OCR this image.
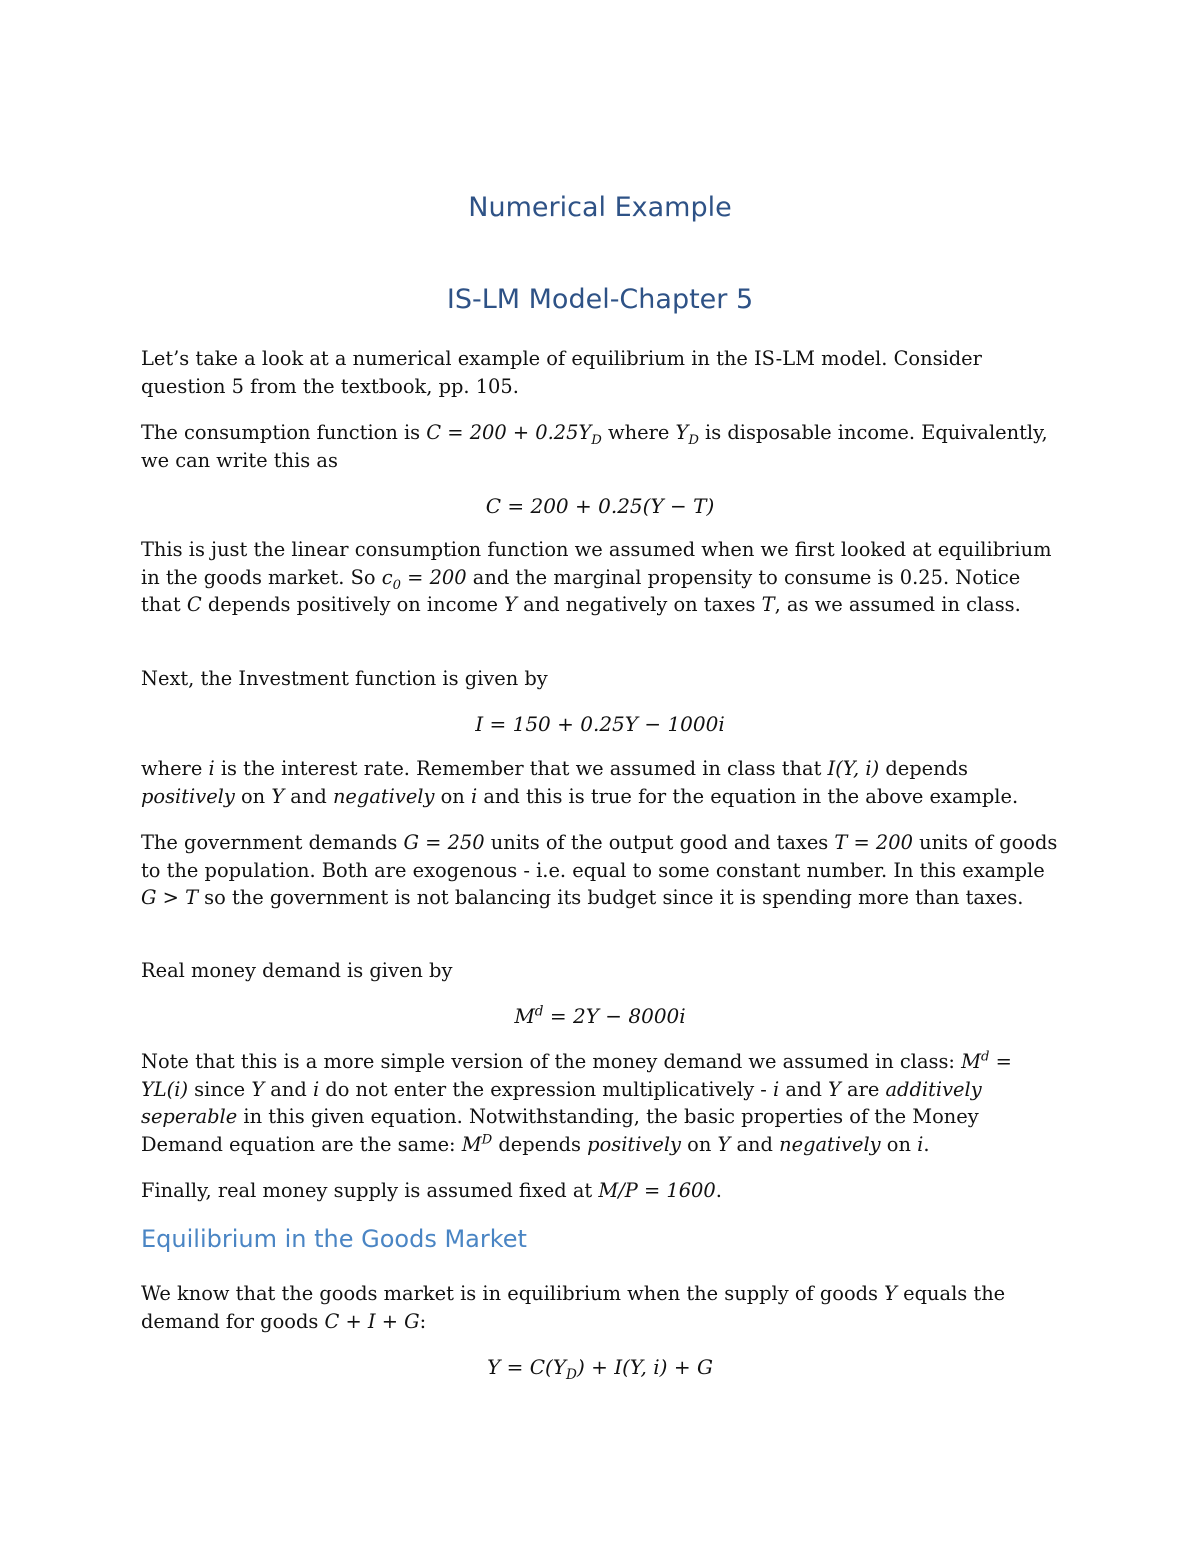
Numerical Example
IS-LM Model-Chapter 5

Let’s take a look at a numerical example of equilibrium in the IS-LM model. Consider question 5 from the textbook, pp. 105.

The consumption function is $C = 200 + 0.25Y_D$ where $Y_D$ is disposable income. Equivalently, we can write this as

C = 200 + 0.25(Y − T)

This is just the linear consumption function we assumed when we first looked at equilibrium in the goods market. So $c_0 = 200$ and the marginal propensity to consume is 0.25. Notice that C depends positively on income Y and negatively on taxes T, as we assumed in class.

Next, the Investment function is given by

I = 150 + 0.25Y − 1000i

where i is the interest rate. Remember that we assumed in class that I(Y, i) depends positively on Y and negatively on i and this is true for the equation in the above example.

The government demands G = 250 units of the output good and taxes T = 200 units of goods to the population. Both are exogenous - i.e. equal to some constant number. In this example G > T so the government is not balancing its budget since it is spending more than taxes.

Real money demand is given by

$M^d = 2Y - 8000i$

Note that this is a more simple version of the money demand we assumed in class: $M^d = YL(i)$ since Y and i do not enter the expression multiplicatively - i and Y are additively seperable in this given equation. Notwithstanding, the basic properties of the Money Demand equation are the same: $M^D$ depends positively on Y and negatively on i.

Finally, real money supply is assumed fixed at M/P = 1600.

Equilibrium in the Goods Market

We know that the goods market is in equilibrium when the supply of goods Y equals the demand for goods C + I + G:

$Y = C(Y_D) + I(Y$, i) + G
